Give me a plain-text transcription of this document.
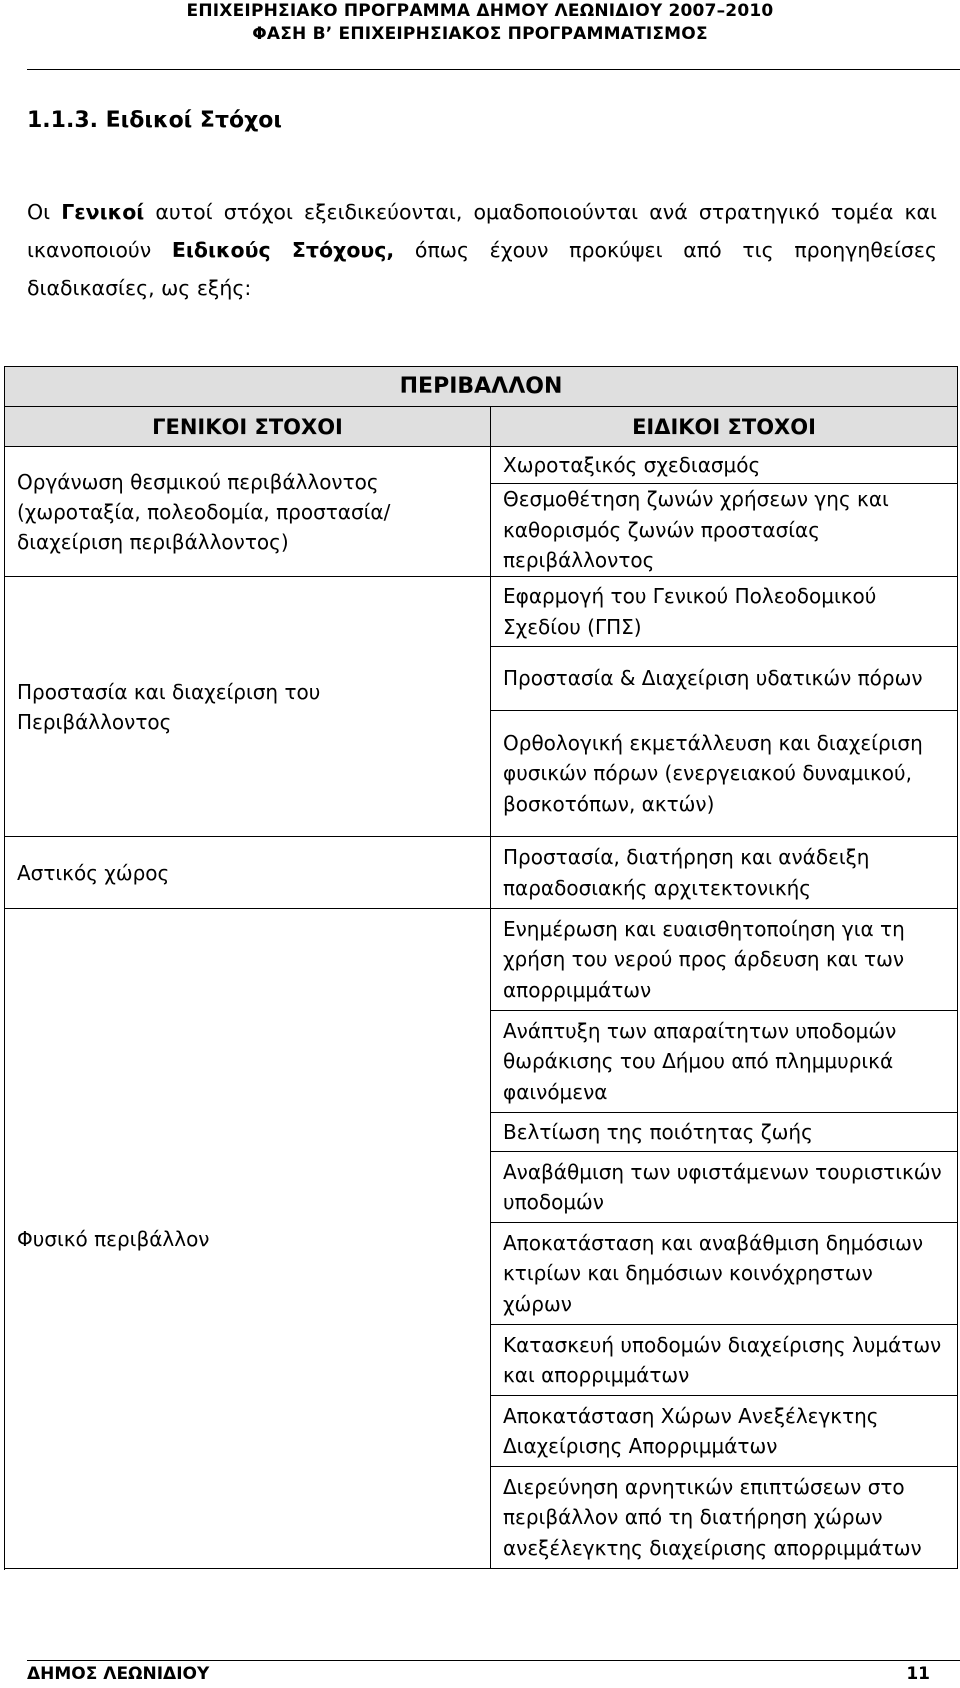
ΕΠΙΧΕΙΡΗΣΙΑΚΟ ΠΡΟΓΡΑΜΜΑ ΔΗΜΟΥ ΛΕΩΝΙΔΙΟΥ 2007–2010
ΦΑΣΗ Β’ ΕΠΙΧΕΙΡΗΣΙΑΚΟΣ ΠΡΟΓΡΑΜΜΑΤΙΣΜΟΣ
1.1.3. Ειδικοί Στόχοι

Οι Γενικοί αυτοί στόχοι εξειδικεύονται, ομαδοποιούνται ανά στρατηγικό τομέα και ικανοποιούν Ειδικούς Στόχους, όπως έχουν προκύψει από τις προηγηθείσες διαδικασίες, ως εξής:

ΠΕΡΙΒΑΛΛΟΝ	
ΓΕΝΙΚΟΙ ΣΤΟΧΟΙ	ΕΙΔΙΚΟΙ ΣΤΟΧΟΙ
Οργάνωση θεσμικού περιβάλλοντος (χωροταξία, πολεοδομία, προστασία/ διαχείριση περιβάλλοντος)	Χωροταξικός σχεδιασμός
	Θεσμοθέτηση ζωνών χρήσεων γης και καθορισμός ζωνών προστασίας περιβάλλοντος
Προστασία και διαχείριση του Περιβάλλοντος	Εφαρμογή του Γενικού Πολεοδομικού Σχεδίου (ΓΠΣ)
	Προστασία & Διαχείριση υδατικών πόρων
	Ορθολογική εκμετάλλευση και διαχείριση φυσικών πόρων (ενεργειακού δυναμικού, βοσκοτόπων, ακτών)

Αστικός χώρος	Προστασία, διατήρηση και ανάδειξη παραδοσιακής αρχιτεκτονικής
Φυσικό περιβάλλον	Ενημέρωση και ευαισθητοποίηση για τη χρήση του νερού προς άρδευση και των απορριμμάτων
	Ανάπτυξη των απαραίτητων υποδομών θωράκισης του Δήμου από πλημμυρικά φαινόμενα
	Βελτίωση της ποιότητας ζωής
	Αναβάθμιση των υφιστάμενων τουριστικών υποδομών
	Αποκατάσταση και αναβάθμιση δημόσιων κτιρίων και δημόσιων κοινόχρηστων χώρων
	Κατασκευή υποδομών διαχείρισης λυμάτων και απορριμμάτων
	Αποκατάσταση Χώρων Ανεξέλεγκτης Διαχείρισης Απορριμμάτων
	Διερεύνηση αρνητικών επιπτώσεων στο περιβάλλον από τη διατήρηση χώρων ανεξέλεγκτης διαχείρισης απορριμμάτων

ΔΗΜΟΣ ΛΕΩΝΙΔΙΟΥ	11
